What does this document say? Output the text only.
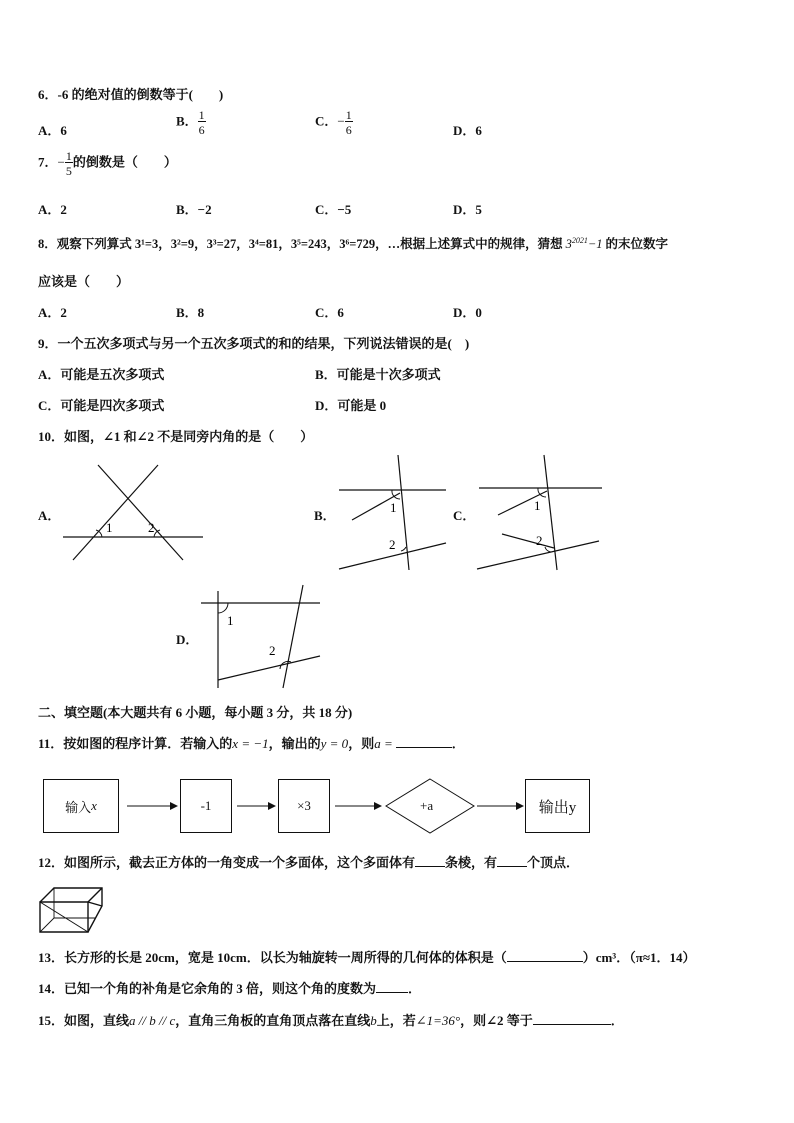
6．-6 的绝对值的倒数等于(　　)
A．6
B． $\frac{1}{6}$	C．− $\frac{1}{6}$	D．6
7．− $\frac{1}{5}$ 的倒数是（　　）
A．2	B．−2	C．−5	D．5
8．观察下列算式 3¹=3，3²=9，3³=27，3⁴=81，3⁵=243，3⁶=729，…根据上述算式中的规律，猜想 $3^{2021}-1$ 的末位数字
应该是（　　）
A．2	B．8	C．6	D．0
9．一个五次多项式与另一个五次多项式的和的结果，下列说法错误的是(　)
A．可能是五次多项式	B．可能是十次多项式
C．可能是四次多项式	D．可能是 0
10．如图，∠1 和∠2 不是同旁内角的是（　　）
A．
1	2
B．
1
2
C．
1
2
D．
1
2
二、填空题(本大题共有 6 小题，每小题 3 分，共 18 分)
11．按如图的程序计算．若输入的x = −1，输出的y = 0，则a =	．
输入 x	-1	×3	+a	输出y
12．如图所示，截去正方体的一角变成一个多面体，这个多面体有 条棱，有 个顶点．
13．长方形的长是 20cm，宽是 10cm．以长为轴旋转一周所得的几何体的体积是（	）cm³．（π≈1．14）
14．已知一个角的补角是它余角的 3 倍，则这个角的度数为 ．
15．如图，直线a // b // c，直角三角板的直角顶点落在直线b上，若∠1=36°，则∠2 等于	．
